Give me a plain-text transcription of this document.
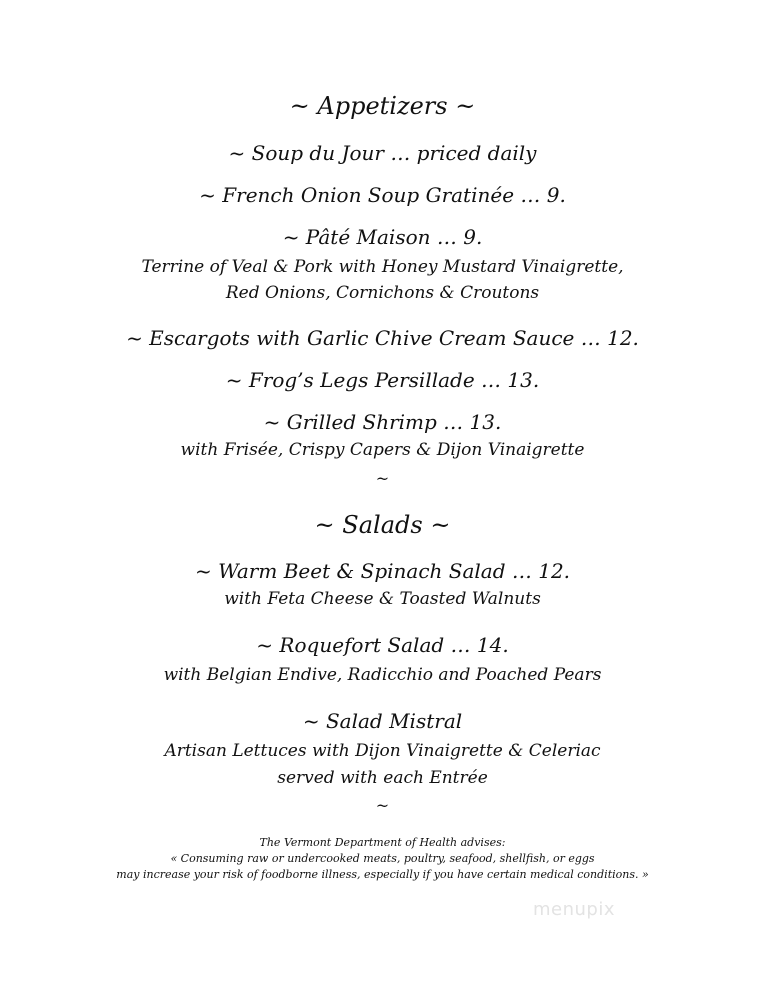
~ Appetizers ~
~ Soup du Jour … priced daily
~ French Onion Soup Gratinée … 9.
~ Pâté Maison … 9.
Terrine of Veal & Pork with Honey Mustard Vinaigrette,
Red Onions, Cornichons & Croutons
~ Escargots with Garlic Chive Cream Sauce … 12.
~ Frog’s Legs Persillade … 13.
~ Grilled Shrimp … 13.
with Frisée, Crispy Capers & Dijon Vinaigrette
~
~ Salads ~
~ Warm Beet & Spinach Salad … 12.
with Feta Cheese & Toasted Walnuts
~ Roquefort Salad … 14.
with Belgian Endive, Radicchio and Poached Pears
~ Salad Mistral
Artisan Lettuces with Dijon Vinaigrette & Celeriac
served with each Entrée
~
The Vermont Department of Health advises:
« Consuming raw or undercooked meats, poultry, seafood, shellfish, or eggs
may increase your risk of foodborne illness, especially if you have certain medical conditions. »
menupix
